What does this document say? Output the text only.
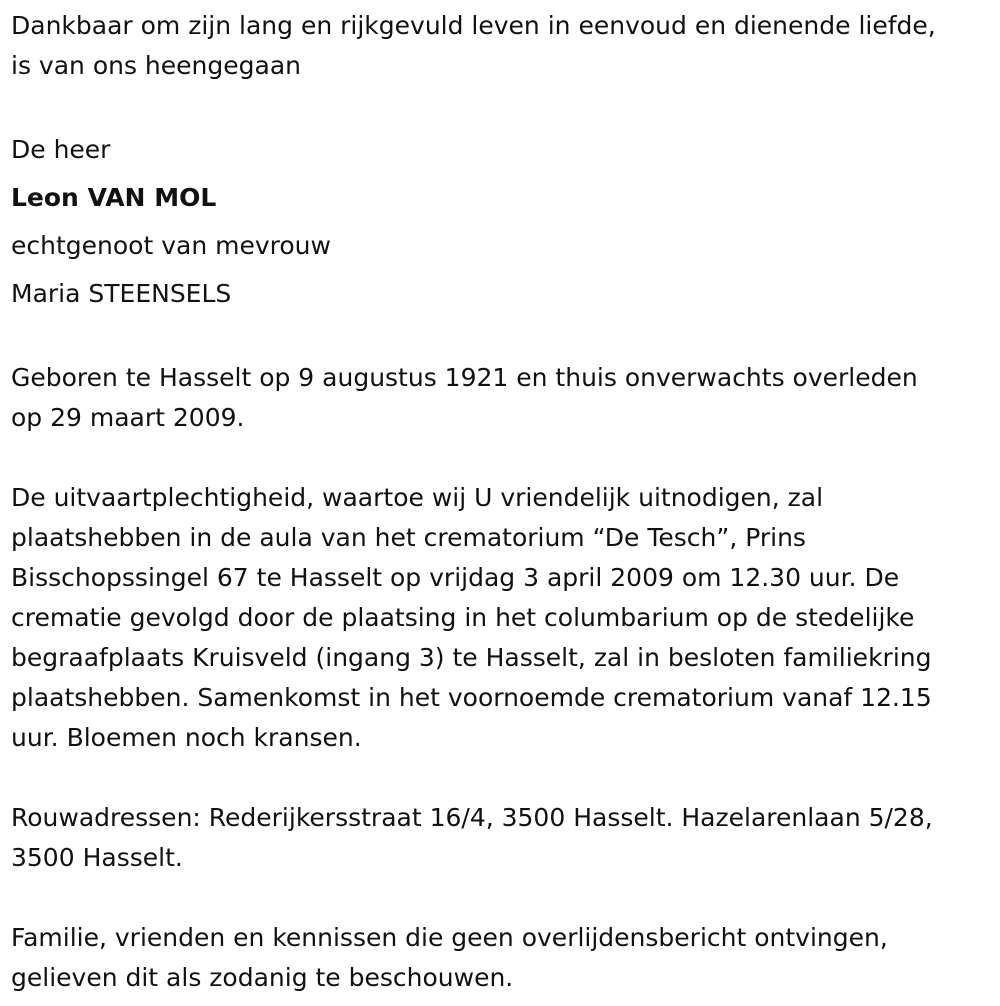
Dankbaar om zijn lang en rijkgevuld leven in eenvoud en dienende liefde,
is van ons heengegaan

De heer
Leon VAN MOL
echtgenoot van mevrouw
Maria STEENSELS

Geboren te Hasselt op 9 augustus 1921 en thuis onverwachts overleden
op 29 maart 2009.

De uitvaartplechtigheid, waartoe wij U vriendelijk uitnodigen, zal
plaatshebben in de aula van het crematorium “De Tesch”, Prins
Bisschopssingel 67 te Hasselt op vrijdag 3 april 2009 om 12.30 uur. De
crematie gevolgd door de plaatsing in het columbarium op de stedelijke
begraafplaats Kruisveld (ingang 3) te Hasselt, zal in besloten familiekring
plaatshebben. Samenkomst in het voornoemde crematorium vanaf 12.15
uur. Bloemen noch kransen.

Rouwadressen: Rederijkersstraat 16/4, 3500 Hasselt. Hazelarenlaan 5/28,
3500 Hasselt.

Familie, vrienden en kennissen die geen overlijdensbericht ontvingen,
gelieven dit als zodanig te beschouwen.
